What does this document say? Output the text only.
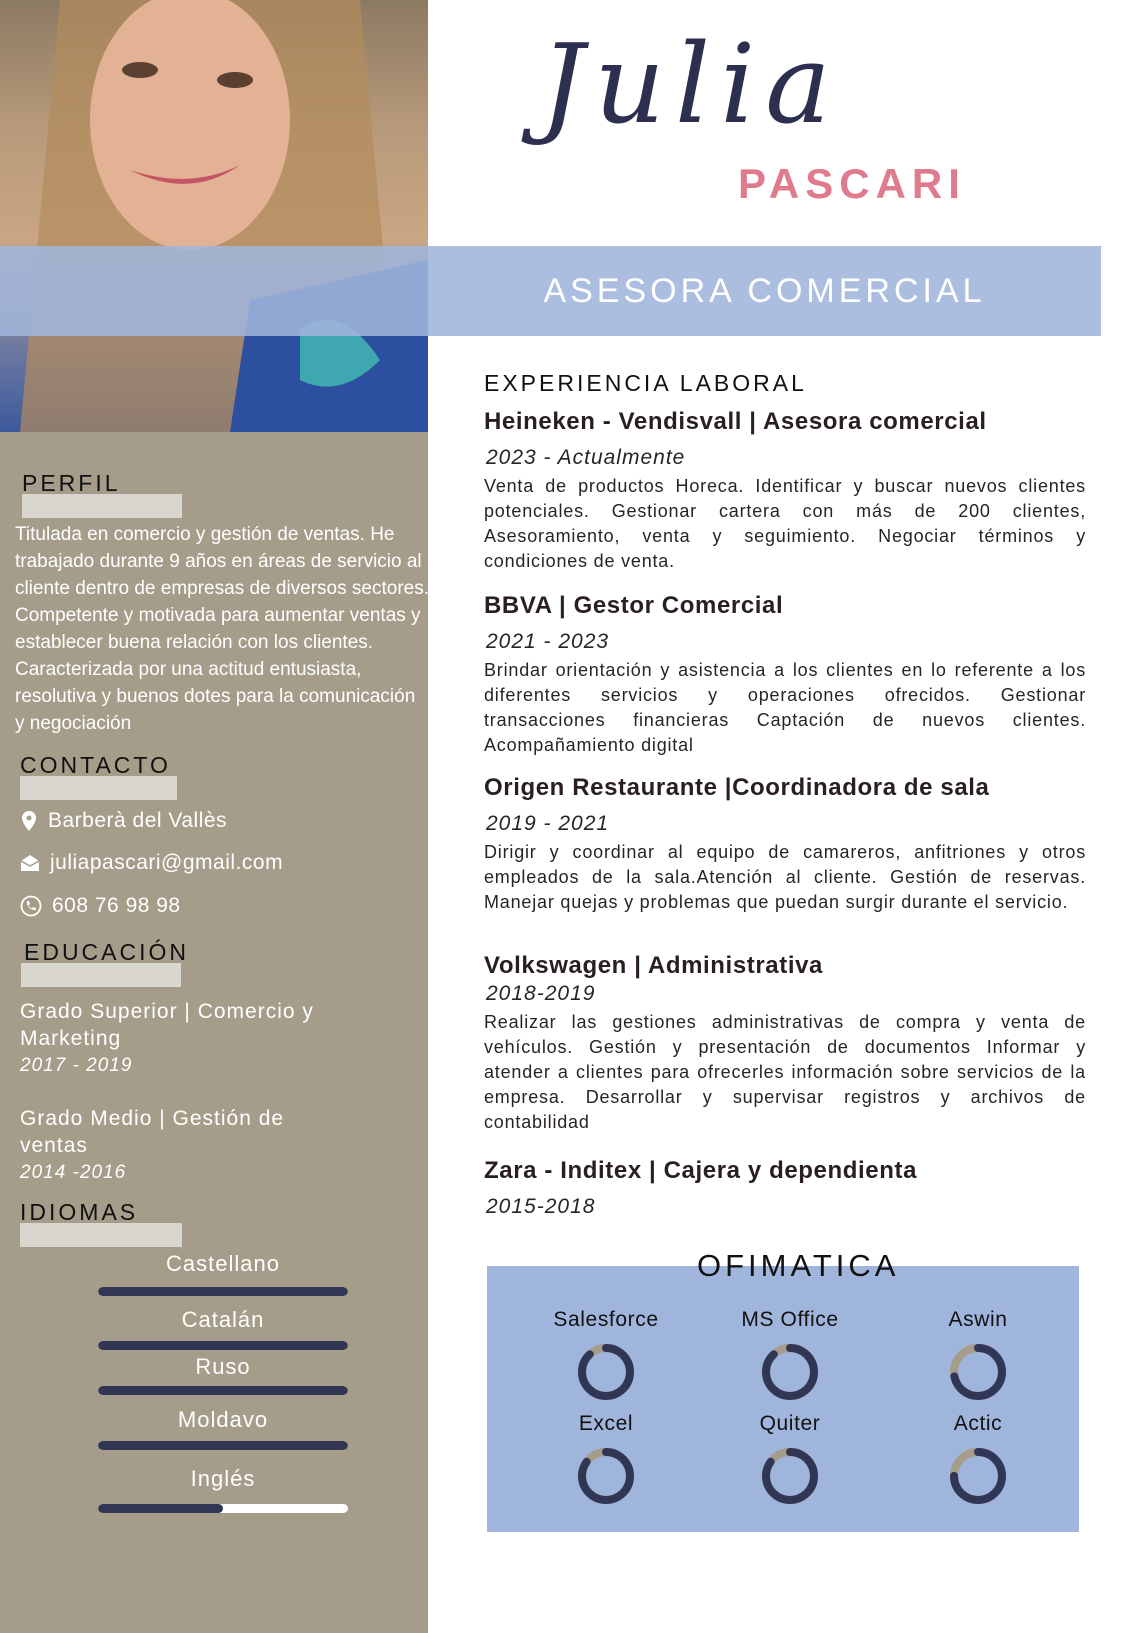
Julia
PASCARI
ASESORA COMERCIAL
PERFIL
Titulada en comercio y gestión de ventas. He trabajado durante 9 años en áreas de servicio al cliente dentro de empresas de diversos sectores. Competente y motivada para aumentar ventas y establecer buena relación con los clientes. Caracterizada por una actitud entusiasta, resolutiva y buenos dotes para la comunicación y negociación
CONTACTO
Barberà del Vallès
juliapascari@gmail.com
608 76 98 98
EDUCACIÓN
Grado Superior | Comercio y Marketing
2017 - 2019
Grado Medio | Gestión de ventas
2014 -2016
IDIOMAS
Castellano
Catalán
Ruso
Moldavo
Inglés
EXPERIENCIA LABORAL
Heineken - Vendisvall | Asesora comercial
2023 - Actualmente

Venta de productos Horeca. Identificar y buscar nuevos clientes potenciales. Gestionar cartera con más de 200 clientes, Asesoramiento, venta y seguimiento. Negociar términos y condiciones de venta.

BBVA | Gestor Comercial
2021 - 2023

Brindar orientación y asistencia a los clientes en lo referente a los diferentes servicios y operaciones ofrecidos. Gestionar transacciones financieras Captación de nuevos clientes. Acompañamiento digital

Origen Restaurante |Coordinadora de sala
2019 - 2021

Dirigir y coordinar al equipo de camareros, anfitriones y otros empleados de la sala.Atención al cliente. Gestión de reservas. Manejar quejas y problemas que puedan surgir durante el servicio.

Volkswagen | Administrativa
2018-2019

Realizar las gestiones administrativas de compra y venta de vehículos. Gestión y presentación de documentos Informar y atender a clientes para ofrecerles información sobre servicios de la empresa. Desarrollar y supervisar registros y archivos de contabilidad

Zara - Inditex | Cajera y dependienta
2015-2018
OFIMATICA
Salesforce	MS Office	Aswin
Excel	Quiter	Actic
